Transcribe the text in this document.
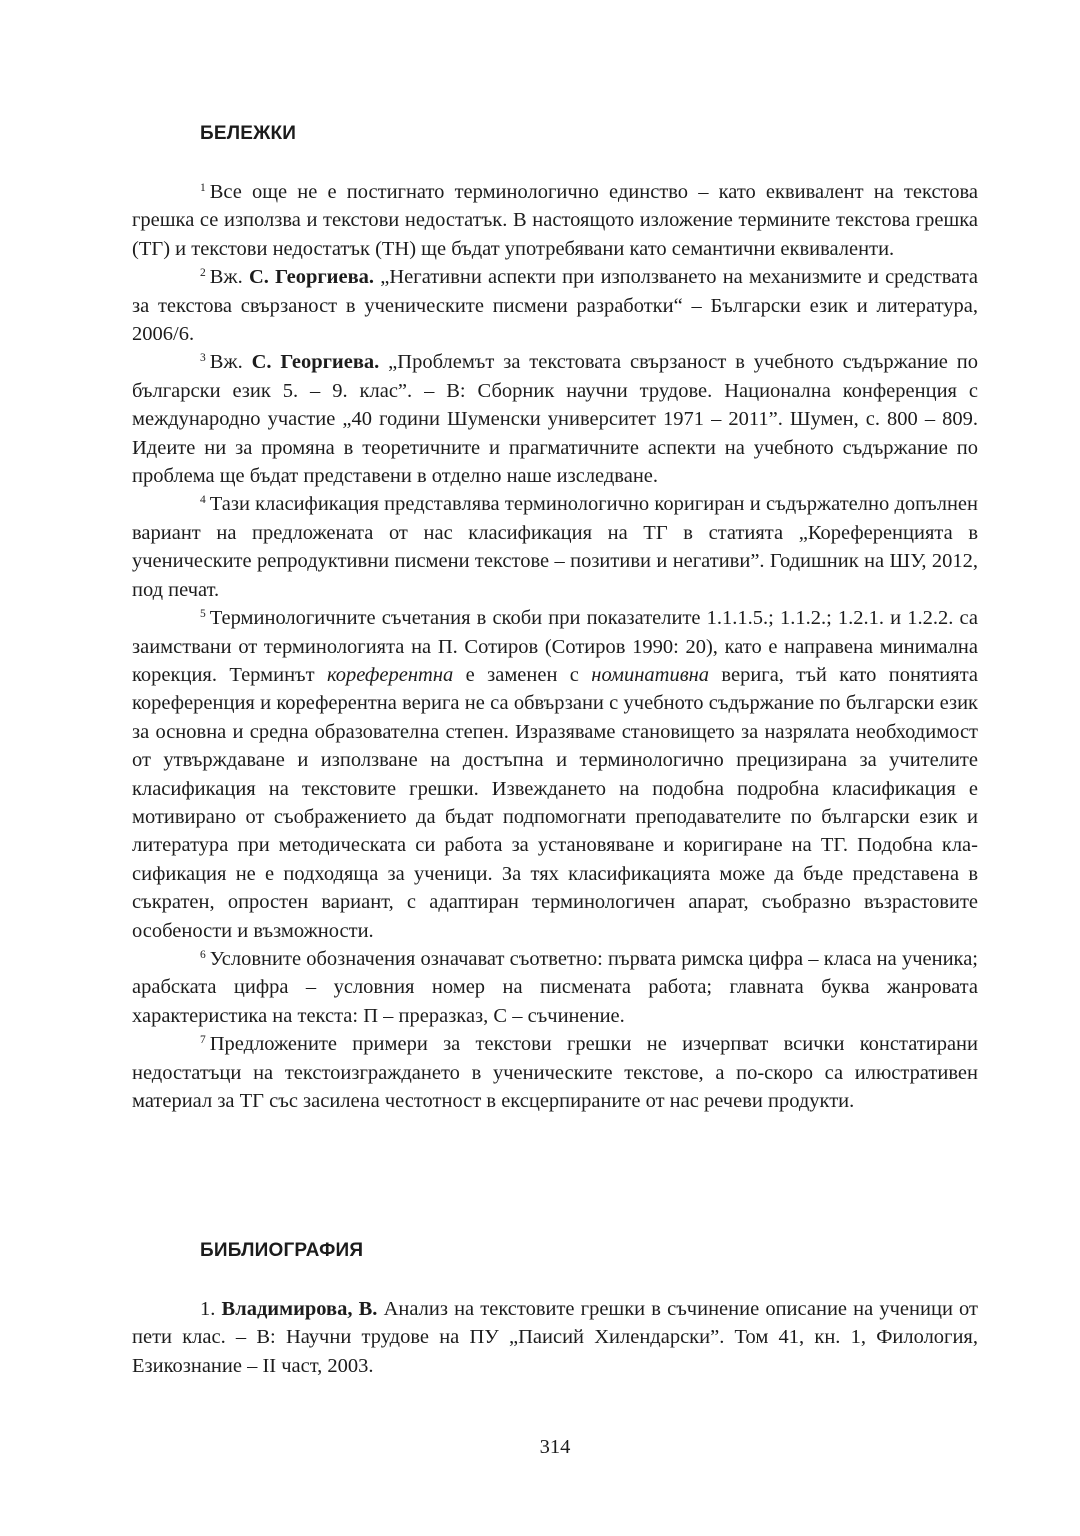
БЕЛЕЖКИ

$^1$ Все още не е постигнато терминологично единство – като еквивалент на текстова грешка се използва и текстови недостатък. В настоящото изложение термините текстова грешка (ТГ) и текстови недостатък (ТН) ще бъдат употребявани като семантични еквиваленти.

$^2$ Вж. С. Георгиева. „Негативни аспекти при използването на механизмите и средствата за текстова свързаност в ученическите писмени разработки“ – Български език и литература, 2006/6.

$^3$ Вж. С. Георгиева. „Проблемът за текстовата свързаност в учебното съдържание по български език 5. – 9. клас”. – В: Сборник научни трудове. Национална конференция с международно участие „40 години Шуменски университет 1971 – 2011”. Шумен, с. 800 – 809. Идеите ни за промяна в теоретичните и прагматичните аспекти на учебното съдържание по проблема ще бъдат представени в отделно наше изследване.

$^4$ Тази класификация представлява терминологично коригиран и съдържателно допълнен вариант на предложената от нас класификация на ТГ в статията „Кореференцията в ученическите репродуктивни писмени текстове – позитиви и негативи”. Годишник на ШУ, 2012, под печат.

$^5$ Терминологичните съчетания в скоби при показателите 1.1.1.5.; 1.1.2.; 1.2.1. и 1.2.2. са заимствани от терминологията на П. Сотиров (Сотиров 1990: 20), като е направена минимална корекция. Терминът кореферентна е заменен с номинативна верига, тъй като понятията кореференция и кореферентна верига не са обвързани с учебното съдържание по български език за основна и средна образователна степен. Изразяваме становището за назрялата необходимост от утвърждаване и използване на достъпна и терминологично прецизирана за учителите класификация на текстовите грешки. Извеждането на подобна подробна класификация е мотивирано от съображението да бъдат подпомогнати преподавателите по български език и литература при методическата си работа за установяване и коригиране на ТГ. Подобна класификация не е подходяща за ученици. За тях класификацията може да бъде представена в съкратен, опростен вариант, с адаптиран терминологичен апарат, съобразно възрастовите особености и възможности.

$^6$ Условните обозначения означават съответно: първата римска цифра – класа на ученика; арабската цифра – условния номер на писмената работа; главната буква жанровата характеристика на текста: П – преразказ, С – съчинение.

$^7$ Предложените примери за текстови грешки не изчерпват всички констатирани недостатъци на текстоизграждането в ученическите текстове, а по-скоро са илюстративен материал за ТГ със засилена честотност в ексцерпираните от нас речеви продукти.

БИБЛИОГРАФИЯ

1. Владимирова, В. Анализ на текстовите грешки в съчинение описание на ученици от пети клас. – В: Научни трудове на ПУ „Паисий Хилендарски”. Том 41, кн. 1, Филология, Езикознание – II част, 2003.

314
